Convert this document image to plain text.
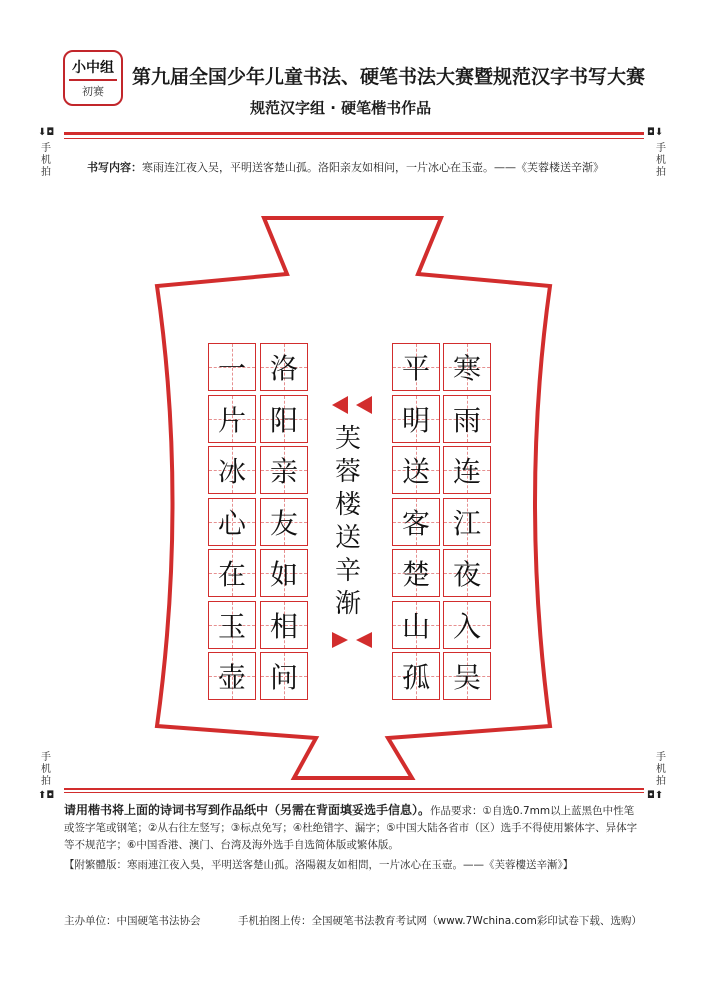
小中组
初赛
第九届全国少年儿童书法、硬笔书法大赛暨规范汉字书写大赛
规范汉字组 · 硬笔楷书作品
⬇◘
手机拍
◘⬇
手机拍
手机拍
⬆◘
手机拍
◘⬆
书写内容：寒雨连江夜入吴，平明送客楚山孤。洛阳亲友如相问，一片冰心在玉壶。——《芙蓉楼送辛渐》
寒
雨
连
江
夜
入
吴
平
明
送
客
楚
山
孤
洛
阳
亲
友
如
相
问
一
片
冰
心
在
玉
壶
芙
蓉
楼
送
辛
渐
请用楷书将上面的诗词书写到作品纸中（另需在背面填妥选手信息）。作品要求：①自选0.7mm以上蓝黑色中性笔或签字笔或钢笔；②从右往左竖写；③标点免写；④杜绝错字、漏字；⑤中国大陆各省市（区）选手不得使用繁体字、异体字等不规范字；⑥中国香港、澳门、台湾及海外选手自选简体版或繁体版。
【附繁體版：寒雨連江夜入吳，平明送客楚山孤。洛陽親友如相問，一片冰心在玉壺。——《芙蓉樓送辛漸》】
主办单位：中国硬笔书法协会	手机拍图上传：全国硬笔书法教育考试网（www.7Wchina.com彩印试卷下载、选购）
